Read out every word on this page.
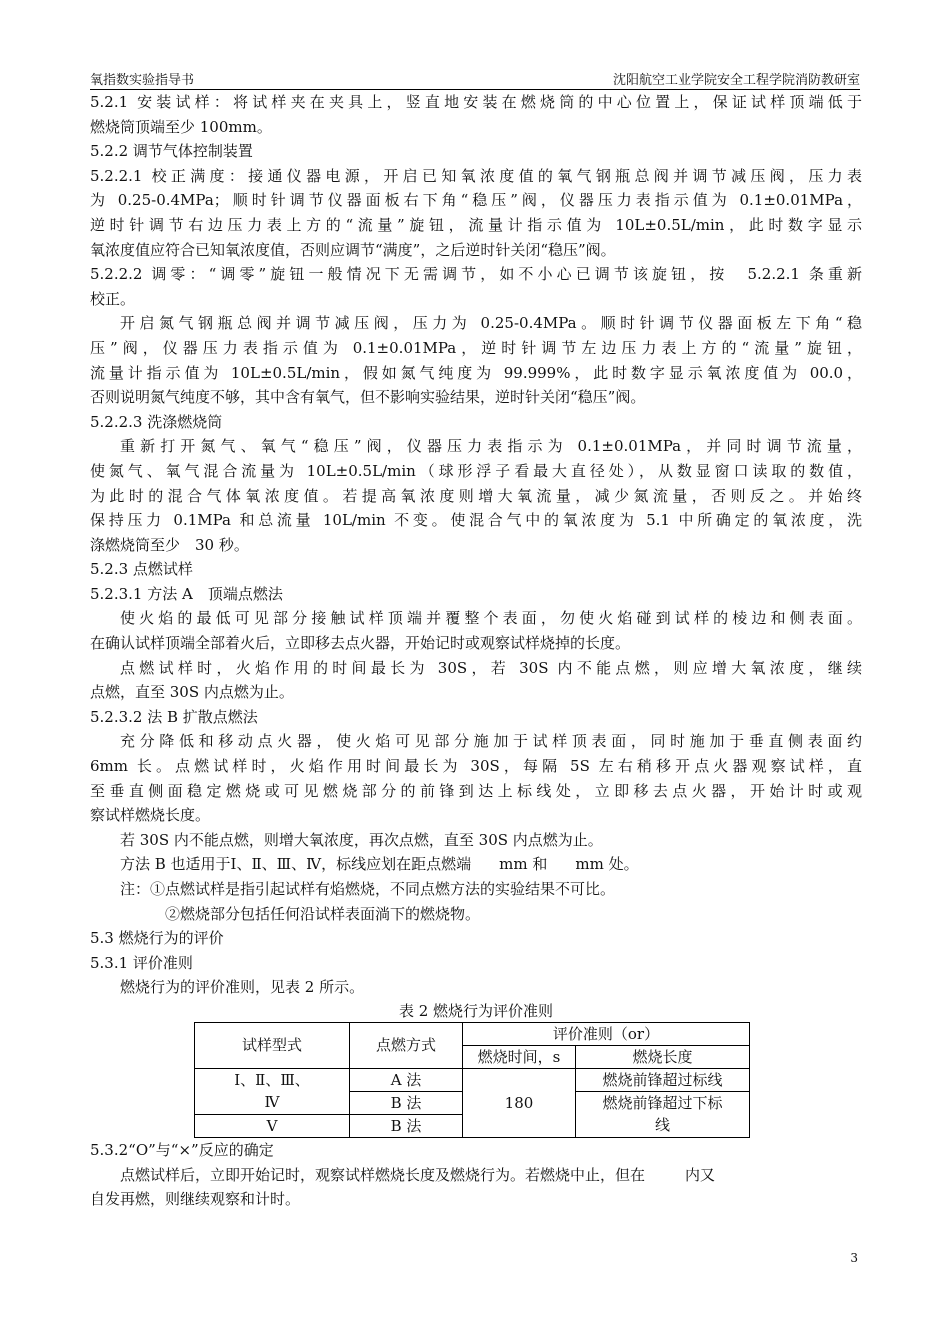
氧指数实验指导书	沈阳航空工业学院安全工程学院消防教研室
5.2.1 安装试样：将试样夹在夹具上，竖直地安装在燃烧筒的中心位置上，保证试样顶端低于
燃烧筒顶端至少 100mm。
5.2.2 调节气体控制装置
5.2.2.1 校正满度：接通仪器电源，开启已知氧浓度值的氧气钢瓶总阀并调节减压阀，压力表
为 0.25-0.4MPa；顺时针调节仪器面板右下角“稳压”阀，仪器压力表指示值为 0.1±0.01MPa，
逆时针调节右边压力表上方的“流量”旋钮，流量计指示值为 10L±0.5L/min，此时数字显示
氧浓度值应符合已知氧浓度值，否则应调节“满度”，之后逆时针关闭“稳压”阀。
5.2.2.2 调零：“调零”旋钮一般情况下无需调节，如不小心已调节该旋钮，按　5.2.2.1 条重新
校正。
开启氮气钢瓶总阀并调节减压阀，压力为 0.25-0.4MPa。顺时针调节仪器面板左下角“稳
压”阀，仪器压力表指示值为 0.1±0.01MPa，逆时针调节左边压力表上方的“流量”旋钮，
流量计指示值为 10L±0.5L/min，假如氮气纯度为 99.999%，此时数字显示氧浓度值为 00.0，
否则说明氮气纯度不够，其中含有氧气，但不影响实验结果，逆时针关闭“稳压”阀。
5.2.2.3 洗涤燃烧筒
重新打开氮气、氧气“稳压”阀，仪器压力表指示为 0.1±0.01MPa，并同时调节流量，
使氮气、氧气混合流量为 10L±0.5L/min（球形浮子看最大直径处），从数显窗口读取的数值，
为此时的混合气体氧浓度值。若提高氧浓度则增大氧流量，减少氮流量，否则反之。并始终
保持压力 0.1MPa 和总流量 10L/min 不变。使混合气中的氧浓度为 5.1 中所确定的氧浓度，洗
涤燃烧筒至少　30 秒。
5.2.3 点燃试样
5.2.3.1 方法 A　顶端点燃法
使火焰的最低可见部分接触试样顶端并覆整个表面，勿使火焰碰到试样的棱边和侧表面。
在确认试样顶端全部着火后，立即移去点火器，开始记时或观察试样烧掉的长度。
点燃试样时，火焰作用的时间最长为 30S，若 30S 内不能点燃，则应增大氧浓度，继续
点燃，直至 30S 内点燃为止。
5.2.3.2 法 B 扩散点燃法
充分降低和移动点火器，使火焰可见部分施加于试样顶表面，同时施加于垂直侧表面约
6mm 长。点燃试样时，火焰作用时间最长为 30S，每隔 5S 左右稍移开点火器观察试样，直
至垂直侧面稳定燃烧或可见燃烧部分的前锋到达上标线处，立即移去点火器，开始计时或观
察试样燃烧长度。
若 30S 内不能点燃，则增大氧浓度，再次点燃，直至 30S 内点燃为止。
方法 B 也适用于Ⅰ、Ⅱ、Ⅲ、Ⅳ，标线应划在距点燃端 mm 和 mm 处。
注：①点燃试样是指引起试样有焰燃烧，不同点燃方法的实验结果不可比。
②燃烧部分包括任何沿试样表面淌下的燃烧物。
5.3 燃烧行为的评价
5.3.1 评价准则
燃烧行为的评价准则，见表 2 所示。
表 2 燃烧行为评价准则
试样型式	点燃方式	评价准则（or）	
		燃烧时间，s	燃烧长度

Ⅰ、Ⅱ、Ⅲ、
Ⅳ	A 法	180	燃烧前锋超过标线
	B 法		燃烧前锋超过下标
线

Ⅴ	B 法		
5.3.2“O”与“×”反应的确定
点燃试样后，立即开始记时，观察试样燃烧长度及燃烧行为。若燃烧中止，但在	内又
自发再燃，则继续观察和计时。
3
